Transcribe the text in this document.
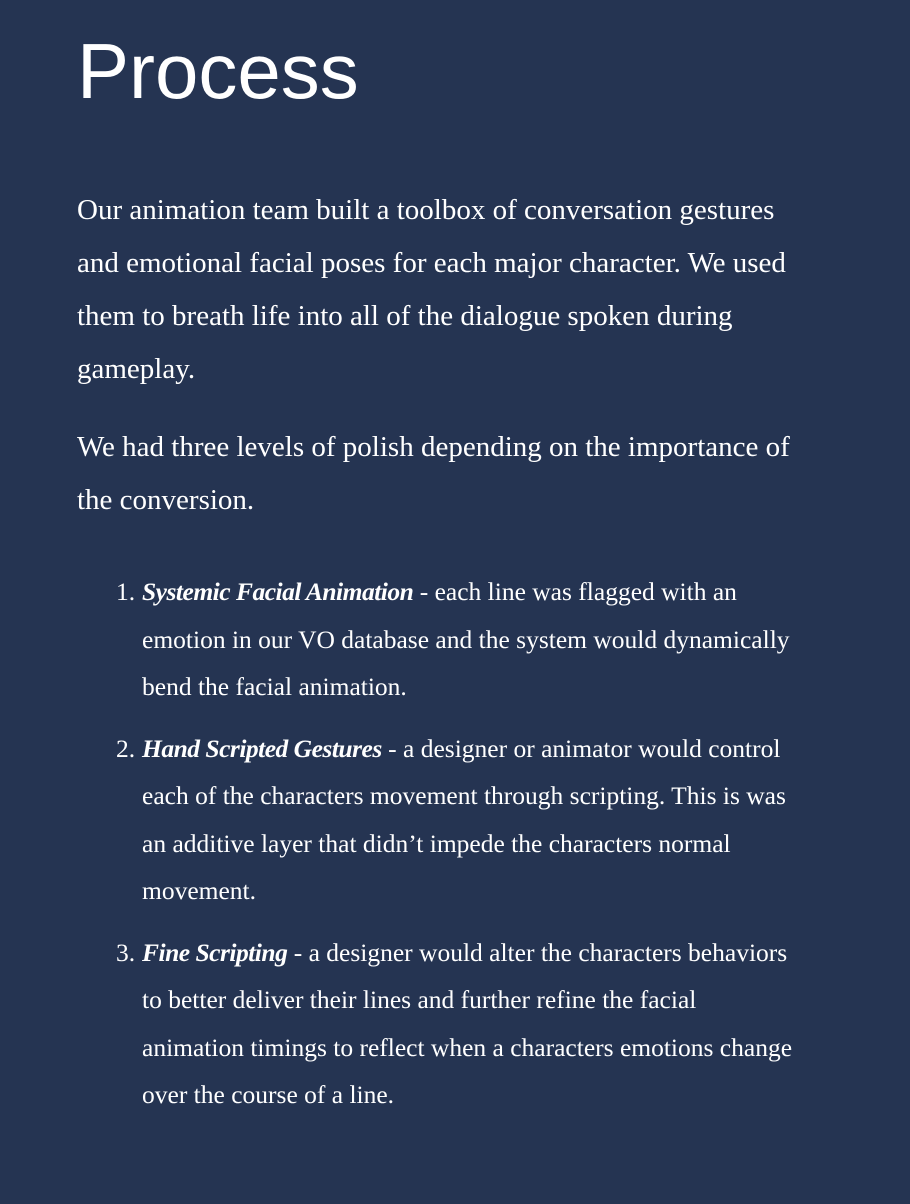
Process

Our animation team built a toolbox of conversation gestures and emotional facial poses for each major character. We used them to breath life into all of the dialogue spoken during gameplay.

We had three levels of polish depending on the importance of the conversion.

1. Systemic Facial Animation - each line was flagged with an emotion in our VO database and the system would dynamically bend the facial animation.
2. Hand Scripted Gestures - a designer or animator would control each of the characters movement through scripting. This is was an additive layer that didn’t impede the characters normal movement.
3. Fine Scripting - a designer would alter the characters behaviors to better deliver their lines and further refine the facial animation timings to reflect when a characters emotions change over the course of a line.
